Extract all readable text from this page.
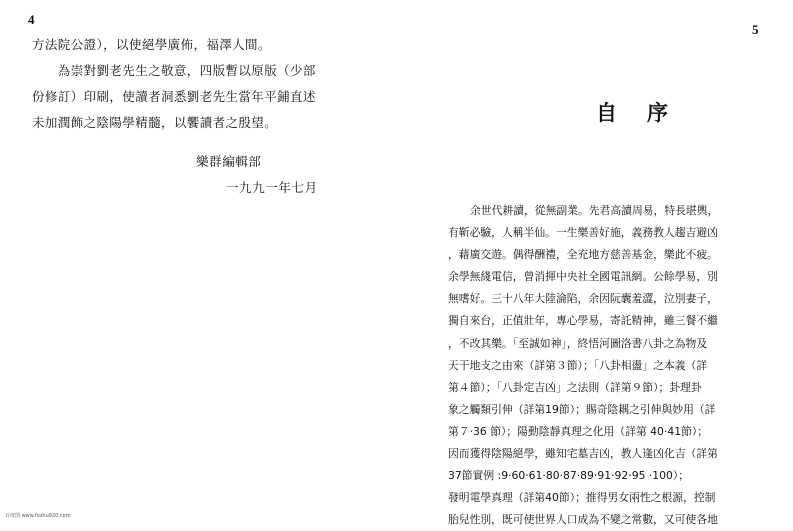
4

方法院公證），以使絕學廣佈，福澤人間。

　　為崇對劉老先生之敬意，四版暫以原版（少部

份修訂）印刷，使讀者洞悉劉老先生當年平鋪直述

未加潤飾之陰陽學精髓，以饗讀者之殷望。

樂群編輯部
一九九一年七月
5
自序

余世代耕讀，從無副業。先君高讀周易，特長堪輿，

有靳必驗，人稱半仙。一生樂善好施，義務教人趨吉避凶

，藉廣交遊。偶得酬禮，全充地方慈善基金，樂此不疲。

余學無綫電信，曾消揮中央社全國電訊網。公餘學易，別

無嗜好。三十八年大陸淪陷，余因阮囊羞澀，泣別妻子，

獨自來台，正值壯年，專心學易，寄託精神，雖三餐不繼

，不改其樂。「至誠如神」，終悟河圖洛書八卦之為物及

天干地支之由來（詳第３節）；「八卦相盪」之本義（詳

第４節）；「八卦定吉凶」之法則（詳第９節）；卦理卦

象之觸類引伸（詳第19節）；賜奇陰耦之引伸與妙用（詳

第７‧36 節）；陽動陰靜真理之化用（詳第 40‧41節）；

因而獲得陰陽絕學，雖知宅墓吉凶，教人逢凶化吉（詳第

37節實例 :9‧60‧61‧80‧87‧89‧91‧92‧95 ‧100）；

發明電學真理（詳第40節）；推得男女兩性之根源，控制

胎兒性別，既可使世界人口成為不變之常數，又可使各地

百度图 www.fozhu920.com
